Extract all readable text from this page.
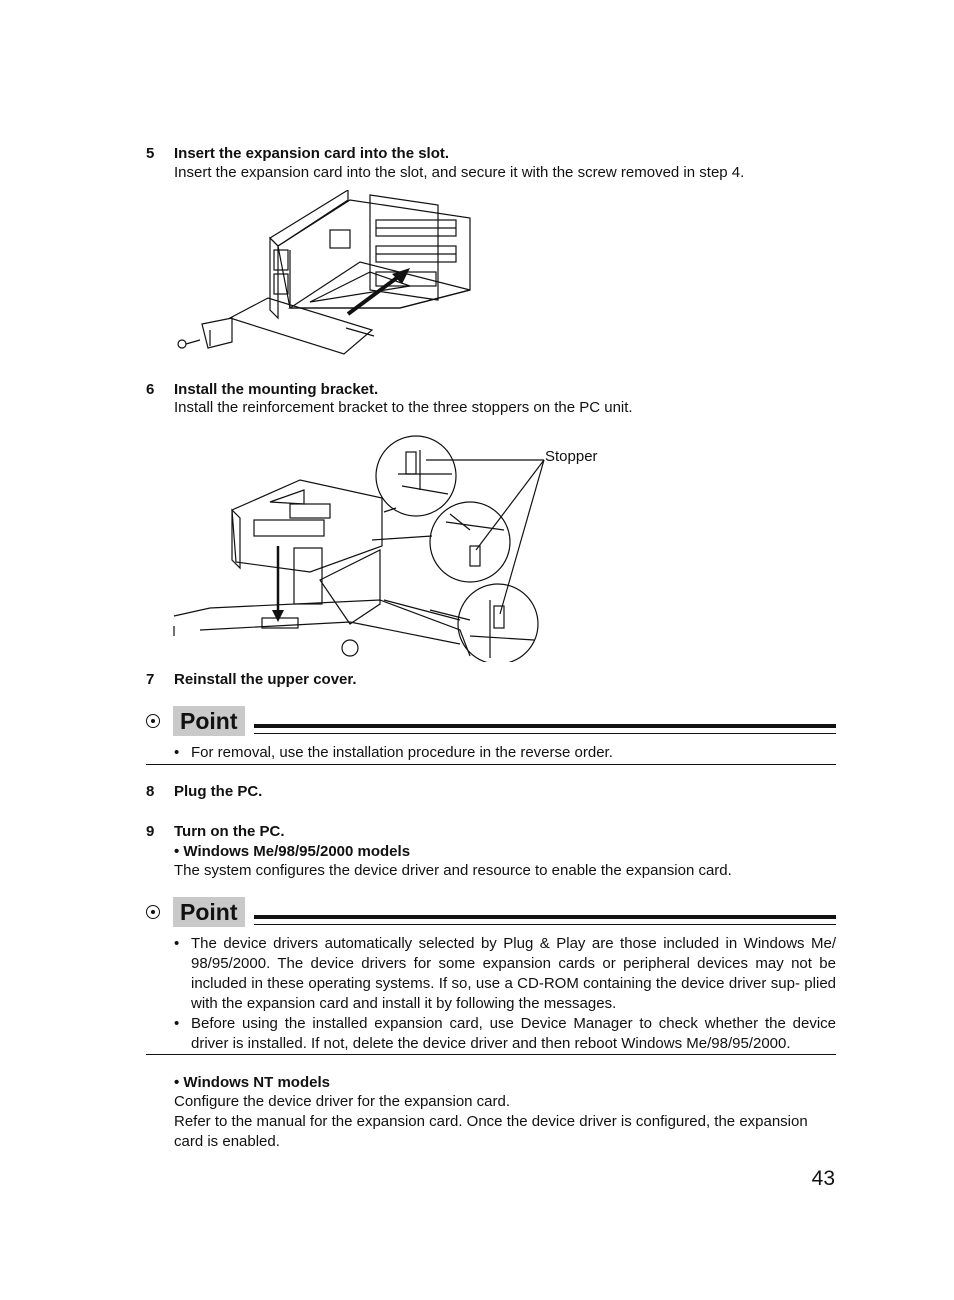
5 Insert the expansion card into the slot.
Insert the expansion card into the slot, and secure it with the screw removed in step 4.
6 Install the mounting bracket.
Install the reinforcement bracket to the three stoppers on the PC unit.
Stopper
7 Reinstall the upper cover.
Point
• For removal, use the installation procedure in the reverse order.
8 Plug the PC.
9 Turn on the PC.
• Windows Me/98/95/2000 models
The system configures the device driver and resource to enable the expansion card.
Point
• The device drivers automatically selected by Plug & Play are those included in Windows Me/ 98/95/2000. The device drivers for some expansion cards or peripheral devices may not be included in these operating systems. If so, use a CD-ROM containing the device driver sup- plied with the expansion card and install it by following the messages.
• Before using the installed expansion card, use Device Manager to check whether the device driver is installed. If not, delete the device driver and then reboot Windows Me/98/95/2000.
• Windows NT models
Configure the device driver for the expansion card.
Refer to the manual for the expansion card. Once the device driver is configured, the expansion card is enabled.
43
